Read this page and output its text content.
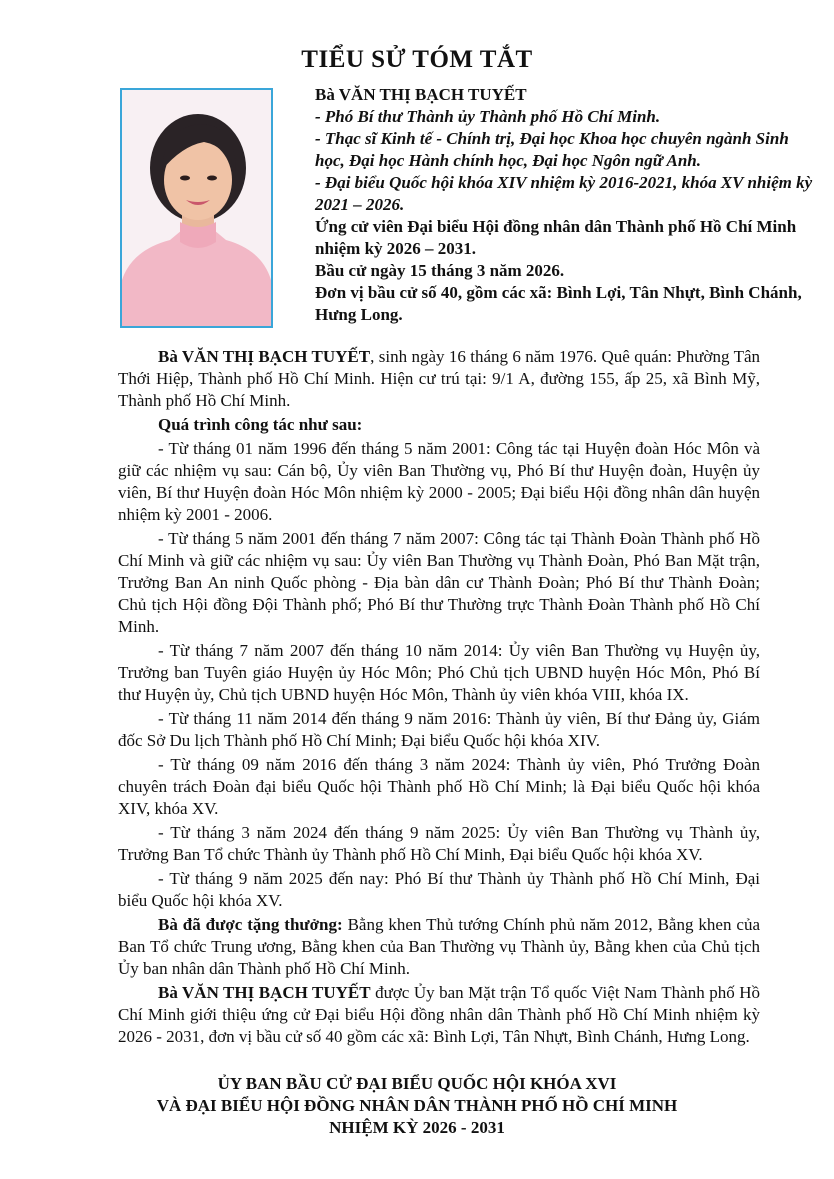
TIỂU SỬ TÓM TẮT
Bà VĂN THỊ BẠCH TUYẾT
- Phó Bí thư Thành ủy Thành phố Hồ Chí Minh.
- Thạc sĩ Kinh tế - Chính trị, Đại học Khoa học chuyên ngành Sinh học, Đại học Hành chính học, Đại học Ngôn ngữ Anh.
- Đại biểu Quốc hội khóa XIV nhiệm kỳ 2016-2021, khóa XV nhiệm kỳ 2021 – 2026.
Ứng cử viên Đại biểu Hội đồng nhân dân Thành phố Hồ Chí Minh nhiệm kỳ 2026 – 2031.
Bầu cử ngày 15 tháng 3 năm 2026.
Đơn vị bầu cử số 40, gồm các xã: Bình Lợi, Tân Nhựt, Bình Chánh, Hưng Long.

Bà VĂN THỊ BẠCH TUYẾT, sinh ngày 16 tháng 6 năm 1976. Quê quán: Phường Tân Thới Hiệp, Thành phố Hồ Chí Minh. Hiện cư trú tại: 9/1 A, đường 155, ấp 25, xã Bình Mỹ, Thành phố Hồ Chí Minh.

Quá trình công tác như sau:

- Từ tháng 01 năm 1996 đến tháng 5 năm 2001: Công tác tại Huyện đoàn Hóc Môn và giữ các nhiệm vụ sau: Cán bộ, Ủy viên Ban Thường vụ, Phó Bí thư Huyện đoàn, Huyện ủy viên, Bí thư Huyện đoàn Hóc Môn nhiệm kỳ 2000 - 2005; Đại biểu Hội đồng nhân dân huyện nhiệm kỳ 2001 - 2006.

- Từ tháng 5 năm 2001 đến tháng 7 năm 2007: Công tác tại Thành Đoàn Thành phố Hồ Chí Minh và giữ các nhiệm vụ sau: Ủy viên Ban Thường vụ Thành Đoàn, Phó Ban Mặt trận, Trưởng Ban An ninh Quốc phòng - Địa bàn dân cư Thành Đoàn; Phó Bí thư Thành Đoàn; Chủ tịch Hội đồng Đội Thành phố; Phó Bí thư Thường trực Thành Đoàn Thành phố Hồ Chí Minh.

- Từ tháng 7 năm 2007 đến tháng 10 năm 2014: Ủy viên Ban Thường vụ Huyện ủy, Trưởng ban Tuyên giáo Huyện ủy Hóc Môn; Phó Chủ tịch UBND huyện Hóc Môn, Phó Bí thư Huyện ủy, Chủ tịch UBND huyện Hóc Môn, Thành ủy viên khóa VIII, khóa IX.

- Từ tháng 11 năm 2014 đến tháng 9 năm 2016: Thành ủy viên, Bí thư Đảng ủy, Giám đốc Sở Du lịch Thành phố Hồ Chí Minh; Đại biểu Quốc hội khóa XIV.

- Từ tháng 09 năm 2016 đến tháng 3 năm 2024: Thành ủy viên, Phó Trưởng Đoàn chuyên trách Đoàn đại biểu Quốc hội Thành phố Hồ Chí Minh; là Đại biểu Quốc hội khóa XIV, khóa XV.

- Từ tháng 3 năm 2024 đến tháng 9 năm 2025: Ủy viên Ban Thường vụ Thành ủy, Trưởng Ban Tổ chức Thành ủy Thành phố Hồ Chí Minh, Đại biểu Quốc hội khóa XV.

- Từ tháng 9 năm 2025 đến nay: Phó Bí thư Thành ủy Thành phố Hồ Chí Minh, Đại biểu Quốc hội khóa XV.

Bà đã được tặng thưởng: Bằng khen Thủ tướng Chính phủ năm 2012, Bằng khen của Ban Tổ chức Trung ương, Bằng khen của Ban Thường vụ Thành ủy, Bằng khen của Chủ tịch Ủy ban nhân dân Thành phố Hồ Chí Minh.

Bà VĂN THỊ BẠCH TUYẾT được Ủy ban Mặt trận Tổ quốc Việt Nam Thành phố Hồ Chí Minh giới thiệu ứng cử Đại biểu Hội đồng nhân dân Thành phố Hồ Chí Minh nhiệm kỳ 2026 - 2031, đơn vị bầu cử số 40 gồm các xã: Bình Lợi, Tân Nhựt, Bình Chánh, Hưng Long.

ỦY BAN BẦU CỬ ĐẠI BIỂU QUỐC HỘI KHÓA XVI
VÀ ĐẠI BIỂU HỘI ĐỒNG NHÂN DÂN THÀNH PHỐ HỒ CHÍ MINH
NHIỆM KỲ 2026 - 2031
